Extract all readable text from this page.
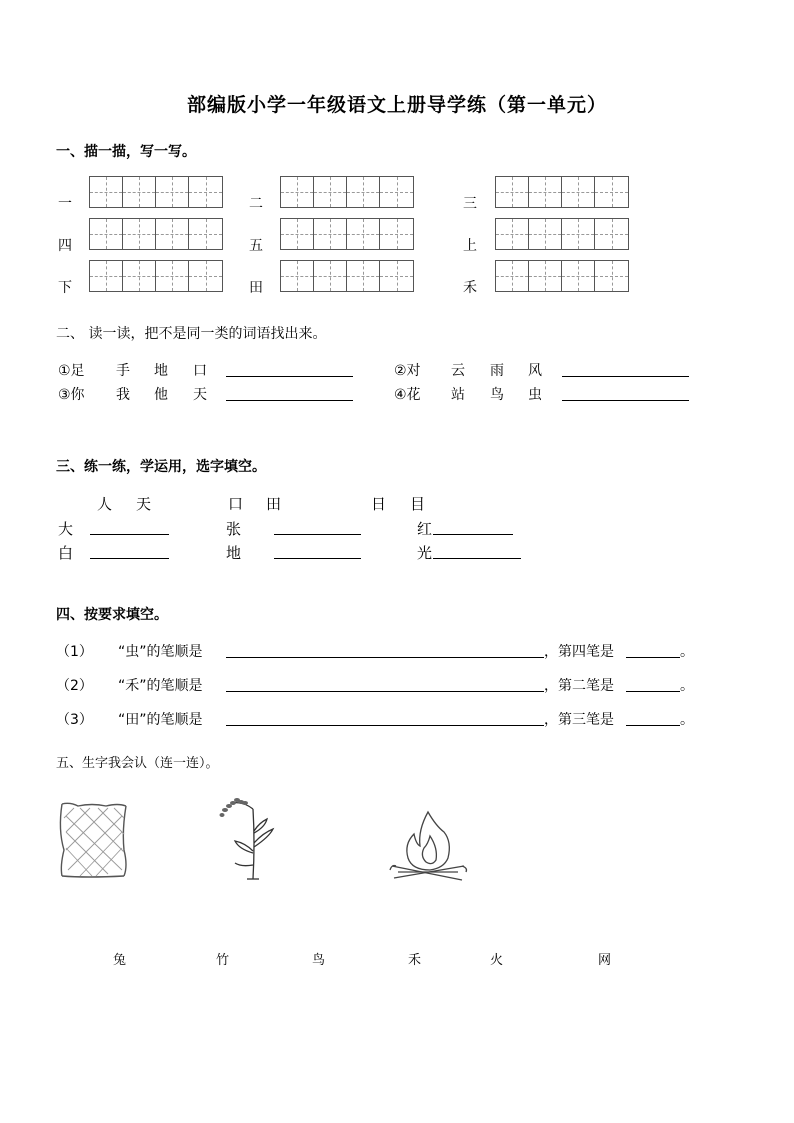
部编版小学一年级语文上册导学练（第一单元）
一、描一描，写一写。
一	二	三
四	五	上
下	田	禾
二、 读一读，把不是同一类的词语找出来。
①足 手 地 口	②对 云 雨 风
③你 我 他 天	④花 站 鸟 虫
三、练一练，学运用，选字填空。
人 天	口 田	日 目
大	张	红
白	地	光
四、按要求填空。
（1） “虫”的笔顺是	，第四笔是	。
（2） “禾”的笔顺是	，第二笔是	。
（3） “田”的笔顺是	，第三笔是	。
五、生字我会认（连一连）。
兔	竹	鸟	禾	火	网
